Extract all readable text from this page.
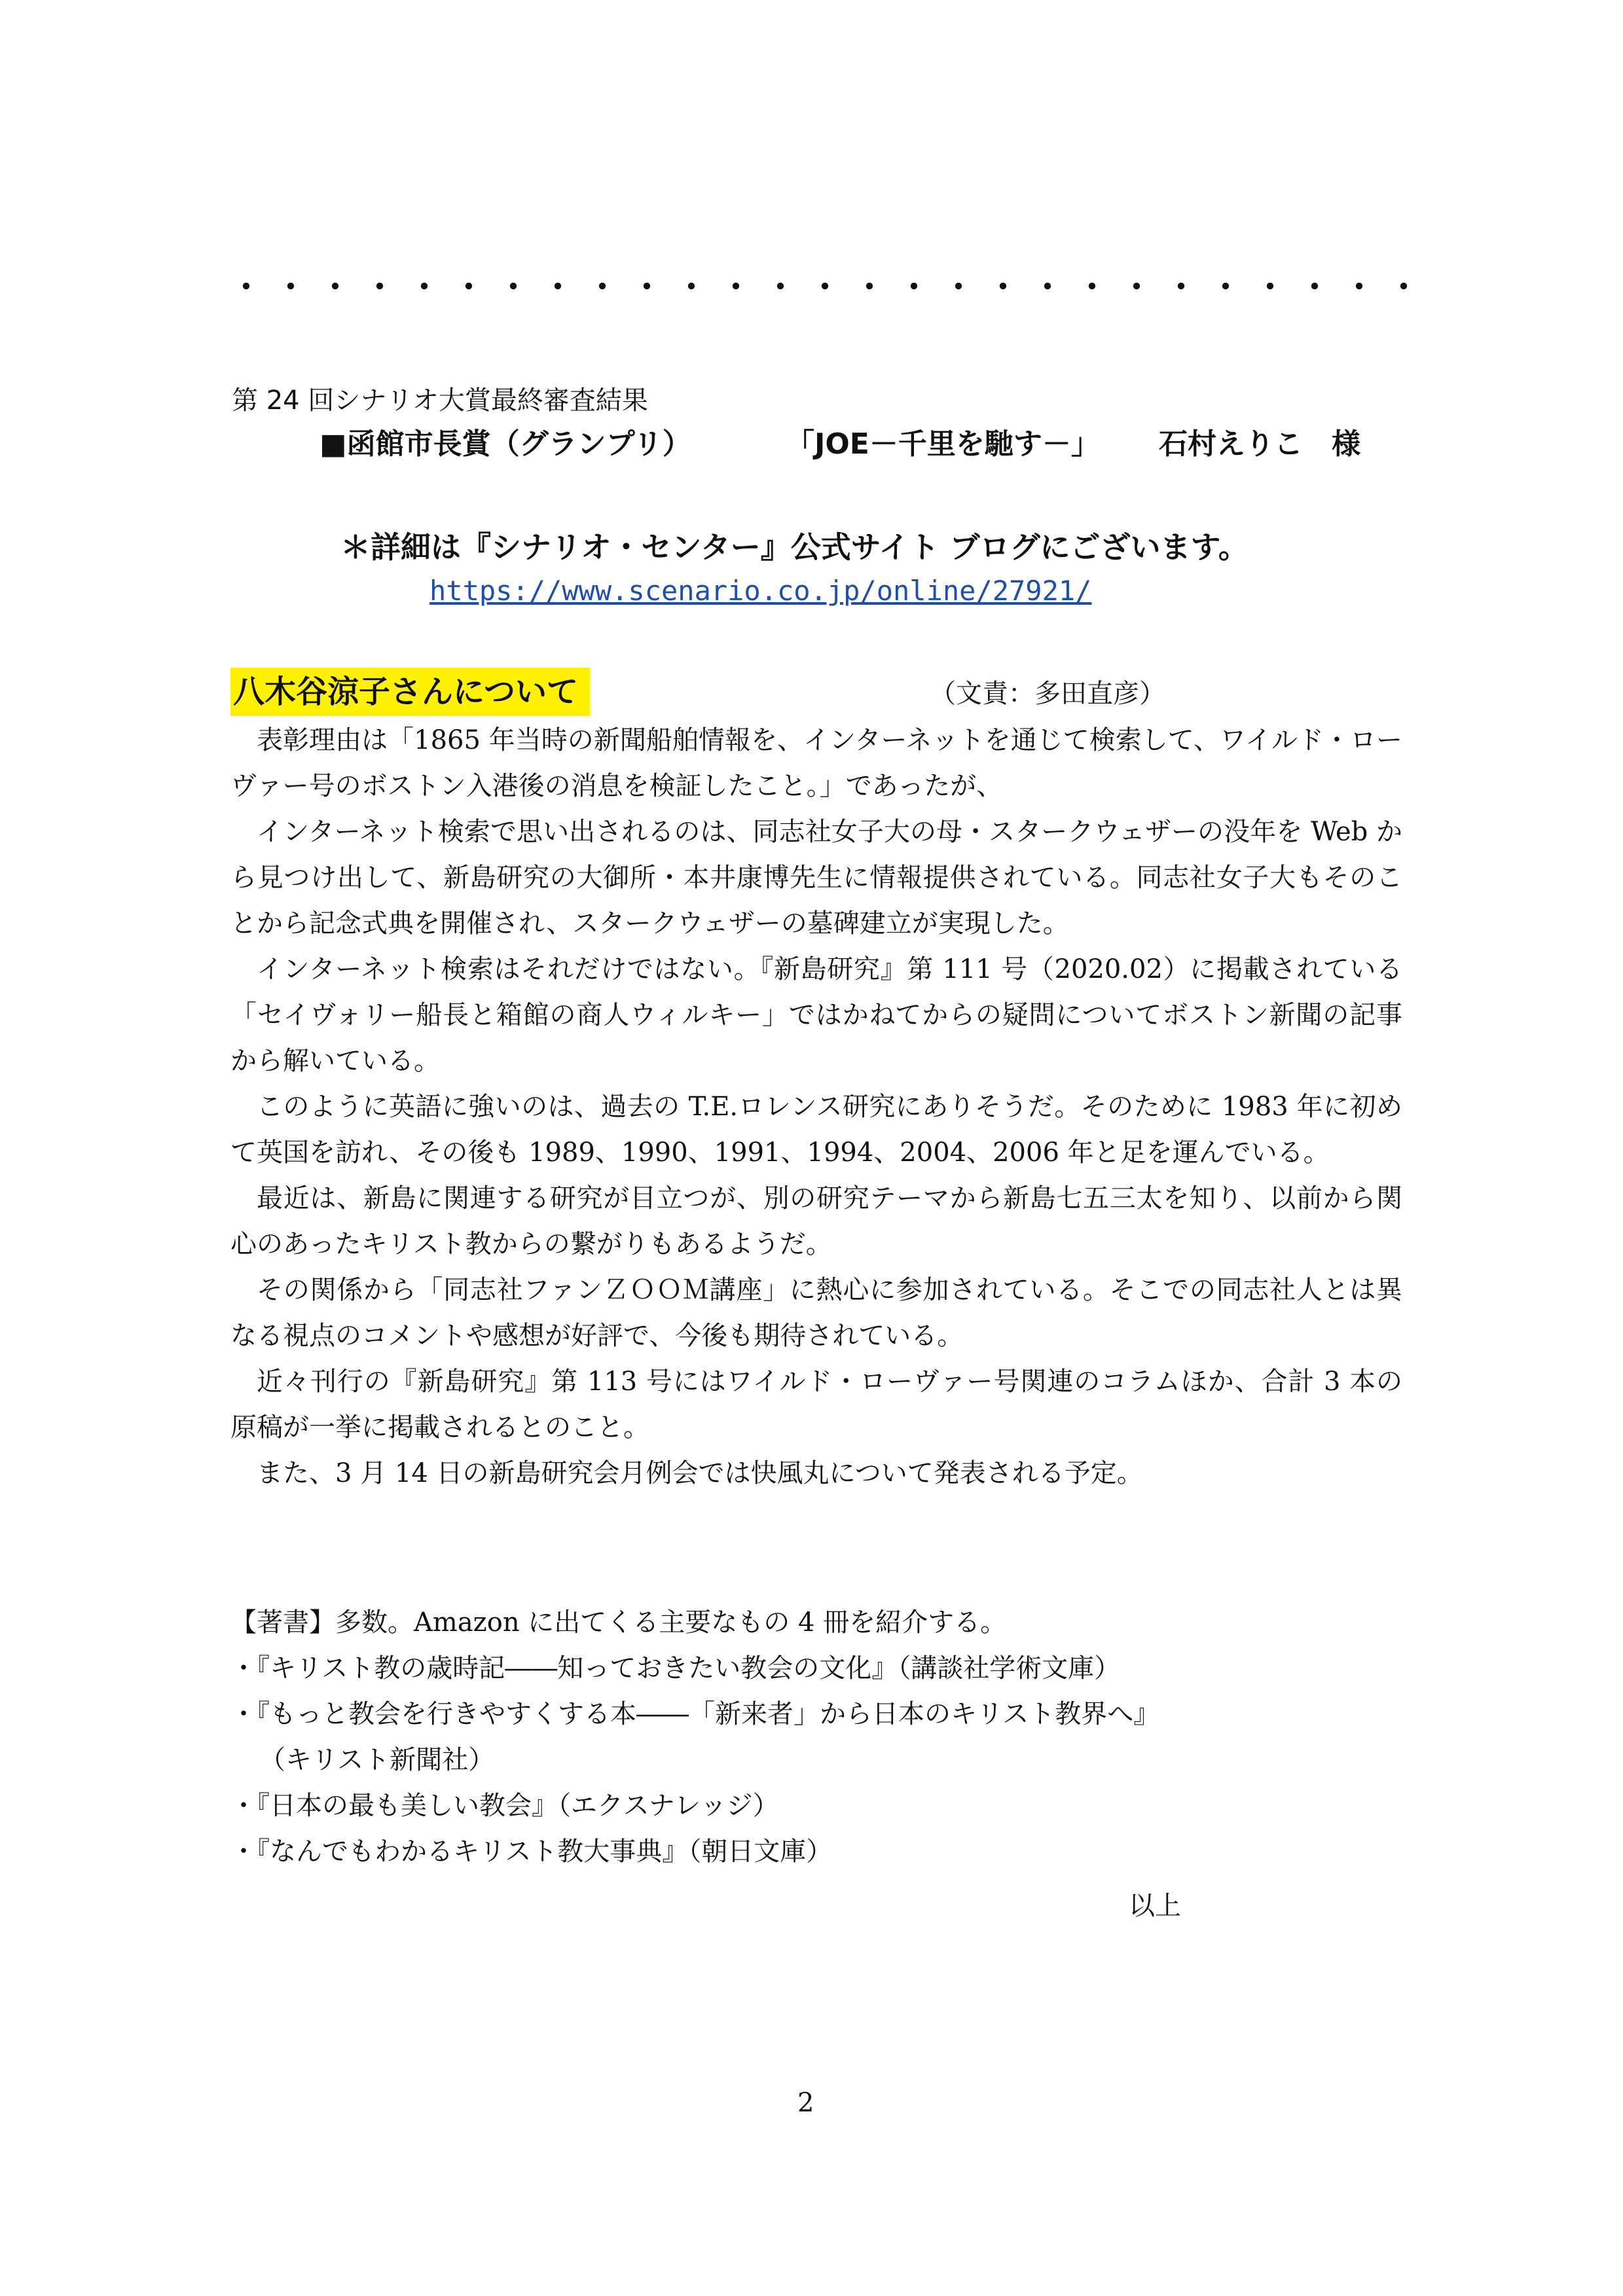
・・・・・・・・・・・・・・・・・・・・・・・・・・・
第 24 回シナリオ大賞最終審査結果
■函館市長賞（グランプリ）	「JOE－千里を馳す－」 石村えりこ　様
＊詳細は『シナリオ・センター』公式サイト ブログにございます。
https://www.scenario.co.jp/online/27921/
八木谷涼子さんについて	（文責：多田直彦）

表彰理由は「1865 年当時の新聞船舶情報を、インターネットを通じて検索して、ワイルド・ローヴァー号のボストン入港後の消息を検証したこと。」であったが、

インターネット検索で思い出されるのは、同志社女子大の母・スタークウェザーの没年を Web から見つけ出して、新島研究の大御所・本井康博先生に情報提供されている。同志社女子大もそのことから記念式典を開催され、スタークウェザーの墓碑建立が実現した。

インターネット検索はそれだけではない。『新島研究』第 111 号（2020.02）に掲載されている「セイヴォリー船長と箱館の商人ウィルキー」ではかねてからの疑問についてボストン新聞の記事から解いている。

このように英語に強いのは、過去の T.E.ロレンス研究にありそうだ。そのために 1983 年に初めて英国を訪れ、その後も 1989、1990、1991、1994、2004、2006 年と足を運んでいる。

最近は、新島に関連する研究が目立つが、別の研究テーマから新島七五三太を知り、以前から関心のあったキリスト教からの繋がりもあるようだ。

その関係から「同志社ファンＺＯＯＭ講座」に熱心に参加されている。そこでの同志社人とは異なる視点のコメントや感想が好評で、今後も期待されている。

近々刊行の『新島研究』第 113 号にはワイルド・ローヴァー号関連のコラムほか、合計 3 本の原稿が一挙に掲載されるとのこと。

また、3 月 14 日の新島研究会月例会では快風丸について発表される予定。

【著書】多数。Amazon に出てくる主要なもの 4 冊を紹介する。
・『キリスト教の歳時記――知っておきたい教会の文化』（講談社学術文庫）
・『もっと教会を行きやすくする本――「新来者」から日本のキリスト教界へ』
（キリスト新聞社）
・『日本の最も美しい教会』（エクスナレッジ）
・『なんでもわかるキリスト教大事典』（朝日文庫）
以上
2
